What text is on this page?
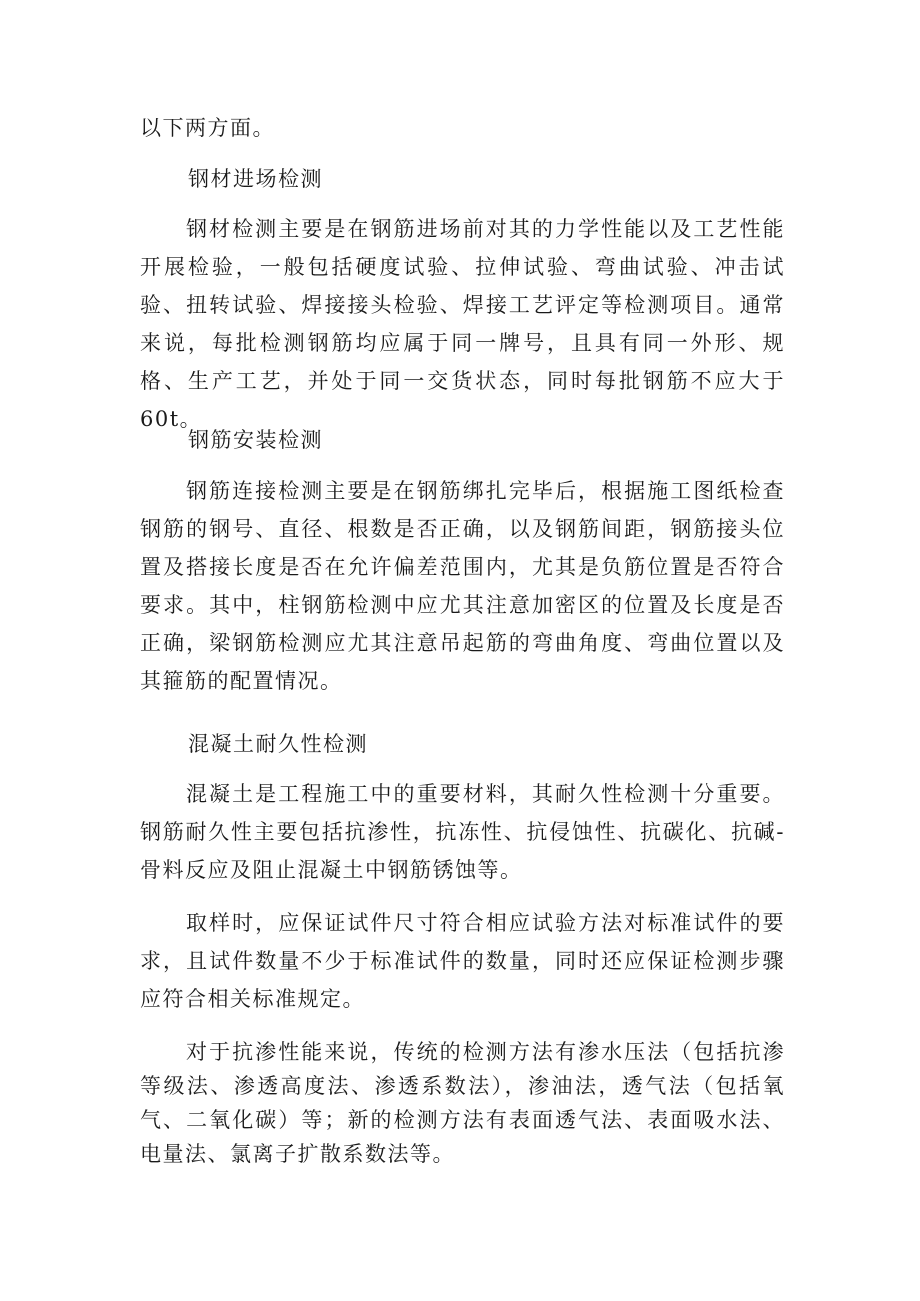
以下两方面。

钢材进场检测

钢材检测主要是在钢筋进场前对其的力学性能以及工艺性能开展检验，一般包括硬度试验、拉伸试验、弯曲试验、冲击试验、扭转试验、焊接接头检验、焊接工艺评定等检测项目。通常来说，每批检测钢筋均应属于同一牌号，且具有同一外形、规格、生产工艺，并处于同一交货状态，同时每批钢筋不应大于60t。

钢筋安装检测

钢筋连接检测主要是在钢筋绑扎完毕后，根据施工图纸检查钢筋的钢号、直径、根数是否正确，以及钢筋间距，钢筋接头位置及搭接长度是否在允许偏差范围内，尤其是负筋位置是否符合要求。其中，柱钢筋检测中应尤其注意加密区的位置及长度是否正确，梁钢筋检测应尤其注意吊起筋的弯曲角度、弯曲位置以及其箍筋的配置情况。

混凝土耐久性检测

混凝土是工程施工中的重要材料，其耐久性检测十分重要。钢筋耐久性主要包括抗渗性，抗冻性、抗侵蚀性、抗碳化、抗碱-骨料反应及阻止混凝土中钢筋锈蚀等。

取样时，应保证试件尺寸符合相应试验方法对标准试件的要求，且试件数量不少于标准试件的数量，同时还应保证检测步骤应符合相关标准规定。

对于抗渗性能来说，传统的检测方法有渗水压法（包括抗渗等级法、渗透高度法、渗透系数法），渗油法，透气法（包括氧气、二氧化碳）等；新的检测方法有表面透气法、表面吸水法、电量法、氯离子扩散系数法等。
